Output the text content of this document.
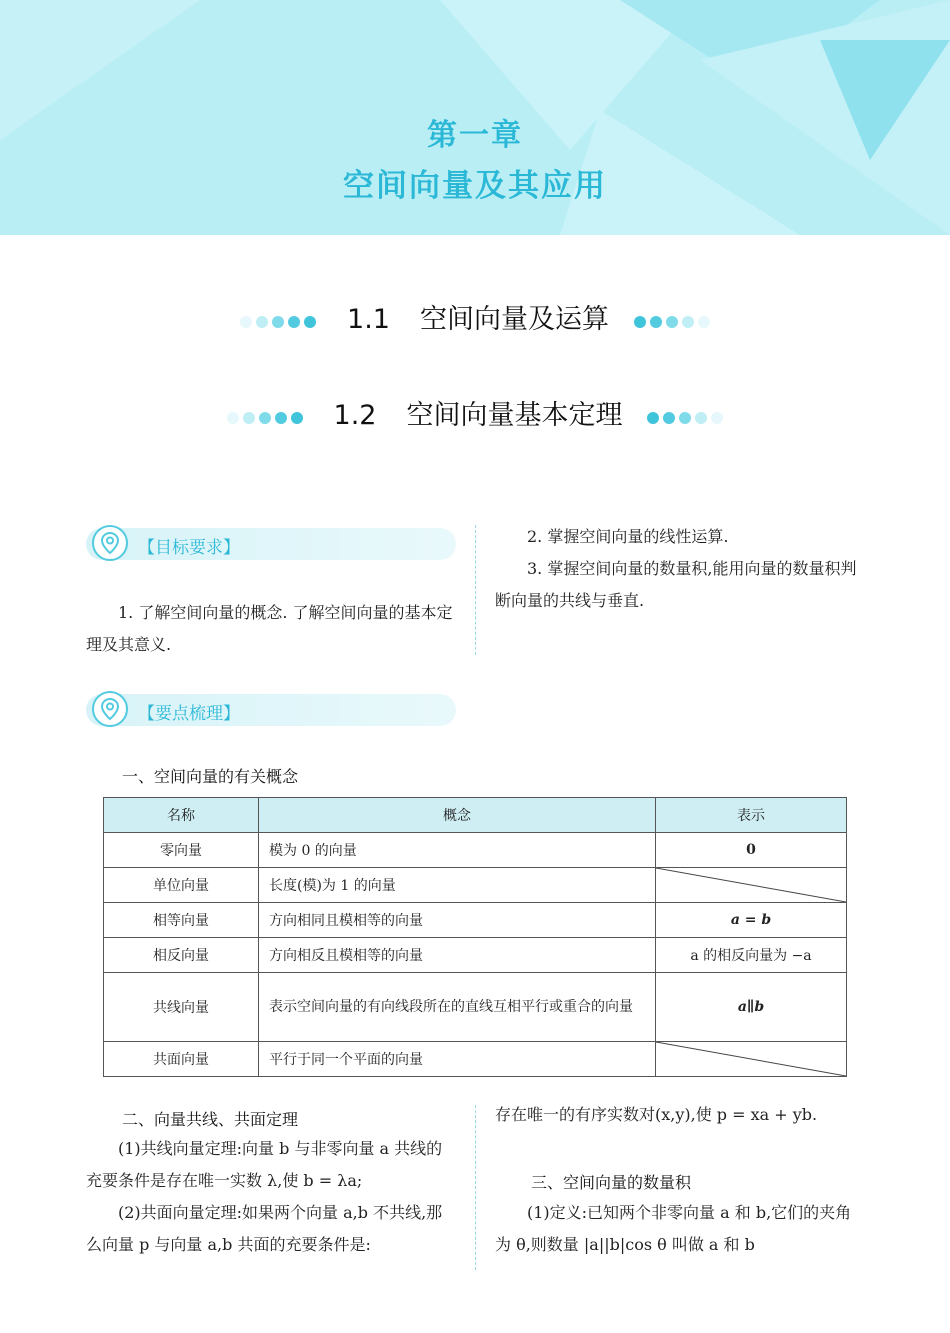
第一章
空间向量及其应用
1.1 空间向量及运算
1.2 空间向量基本定理
【目标要求】
1. 了解空间向量的概念. 了解空间向量的基本定理及其意义.
2. 掌握空间向量的线性运算.
3. 掌握空间向量的数量积,能用向量的数量积判断向量的共线与垂直.
【要点梳理】
一、空间向量的有关概念
名称	概念	表示
零向量	模为 0 的向量	0
单位向量	长度(模)为 1 的向量	

相等向量	方向相同且模相等的向量	a = b
相反向量	方向相反且模相等的向量	a 的相反向量为 −a
共线向量	表示空间向量的有向线段所在的直线互相平行或重合的向量	a∥b
共面向量	平行于同一个平面的向量	
二、向量共线、共面定理
(1)共线向量定理:向量 b 与非零向量 a 共线的充要条件是存在唯一实数 λ,使 b = λa;
(2)共面向量定理:如果两个向量 a,b 不共线,那么向量 p 与向量 a,b 共面的充要条件是:
存在唯一的有序实数对(x,y),使 p = xa + yb.
三、空间向量的数量积
(1)定义:已知两个非零向量 a 和 b,它们的夹角为 θ,则数量 |a||b|cos θ 叫做 a 和 b
